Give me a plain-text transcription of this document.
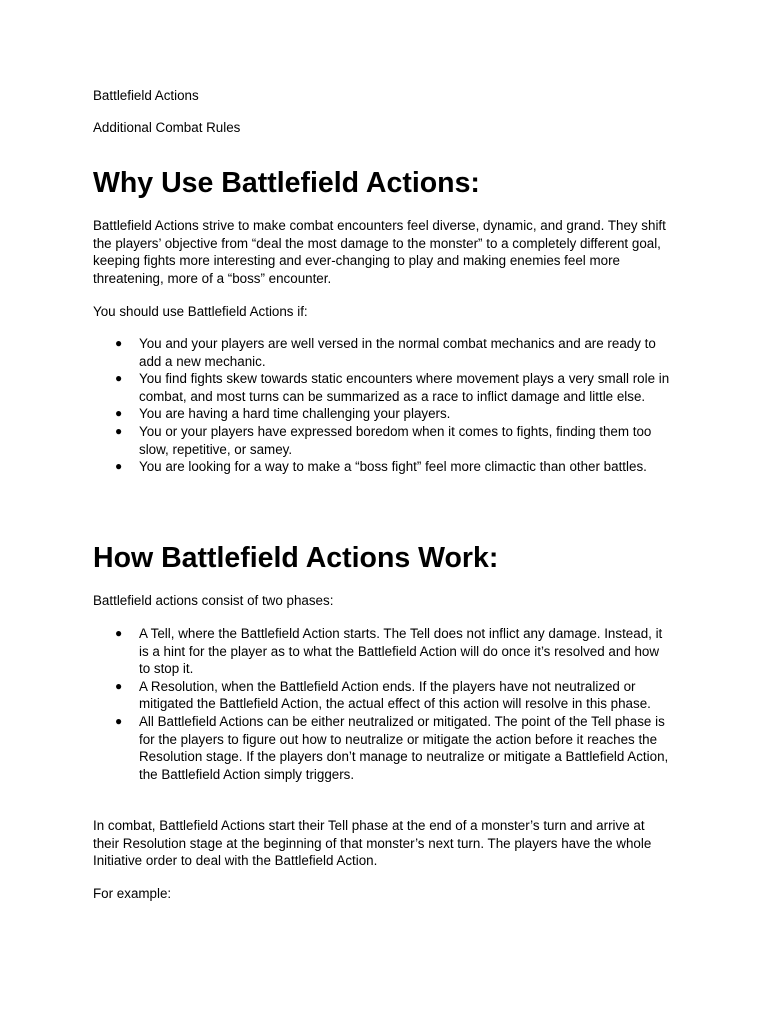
Battlefield Actions

Additional Combat Rules

Why Use Battlefield Actions:

Battlefield Actions strive to make combat encounters feel diverse, dynamic, and grand. They shift the players’ objective from “deal the most damage to the monster” to a completely different goal, keeping fights more interesting and ever-changing to play and making enemies feel more threatening, more of a “boss” encounter.

You should use Battlefield Actions if:

●	You and your players are well versed in the normal combat mechanics and are ready to add a new mechanic.
●	You find fights skew towards static encounters where movement plays a very small role in combat, and most turns can be summarized as a race to inflict damage and little else.
●	You are having a hard time challenging your players.
●	You or your players have expressed boredom when it comes to fights, finding them too slow, repetitive, or samey.
●	You are looking for a way to make a “boss fight” feel more climactic than other battles.
How Battlefield Actions Work:

Battlefield actions consist of two phases:

●	A Tell, where the Battlefield Action starts. The Tell does not inflict any damage. Instead, it is a hint for the player as to what the Battlefield Action will do once it’s resolved and how to stop it.
●	A Resolution, when the Battlefield Action ends. If the players have not neutralized or mitigated the Battlefield Action, the actual effect of this action will resolve in this phase.
●	All Battlefield Actions can be either neutralized or mitigated. The point of the Tell phase is for the players to figure out how to neutralize or mitigate the action before it reaches the Resolution stage. If the players don’t manage to neutralize or mitigate a Battlefield Action, the Battlefield Action simply triggers.

In combat, Battlefield Actions start their Tell phase at the end of a monster’s turn and arrive at their Resolution stage at the beginning of that monster’s next turn. The players have the whole Initiative order to deal with the Battlefield Action.

For example:
